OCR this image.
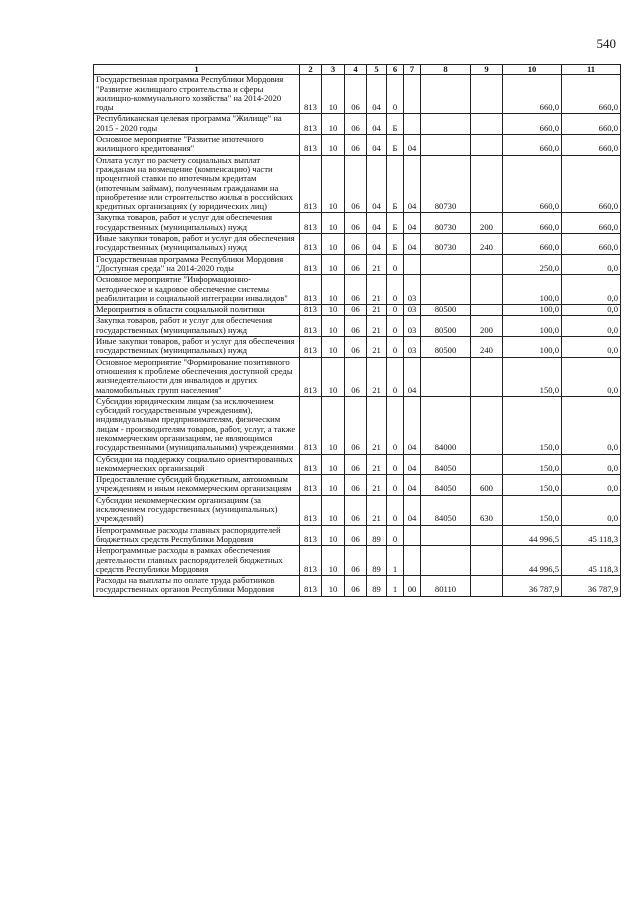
540
1	2	3	4	5	6	7	8	9	10	11
Государственная программа Республики Мордовия "Развитие жилищного строительства и сферы жилищно-коммунального хозяйства" на 2014-2020 годы	813	10	06	04	0				660,0	660,0
Республиканская целевая программа "Жилище" на 2015 - 2020 годы	813	10	06	04	Б				660,0	660,0
Основное мероприятие "Развитие ипотечного жилищного кредитования"	813	10	06	04	Б	04			660,0	660,0
Оплата услуг по расчету социальных выплат гражданам на возмещение (компенсацию) части процентной ставки по ипотечным кредитам (ипотечным займам), полученным гражданами на приобретение или строительство жилья в российских кредитных организациях (у юридических лиц)	813	10	06	04	Б	04	80730		660,0	660,0
Закупка товаров, работ и услуг для обеспечения государственных (муниципальных) нужд	813	10	06	04	Б	04	80730	200	660,0	660,0
Иные закупки товаров, работ и услуг для обеспечения государственных (муниципальных) нужд	813	10	06	04	Б	04	80730	240	660,0	660,0
Государственная программа Республики Мордовия "Доступная среда" на 2014-2020 годы	813	10	06	21	0				250,0	0,0
Основное мероприятие "Информационно-методическое и кадровое обеспечение системы реабилитации и социальной интеграции инвалидов"	813	10	06	21	0	03			100,0	0,0
Мероприятия в области социальной политики	813	10	06	21	0	03	80500		100,0	0,0
Закупка товаров, работ и услуг для обеспечения государственных (муниципальных) нужд	813	10	06	21	0	03	80500	200	100,0	0,0
Иные закупки товаров, работ и услуг для обеспечения государственных (муниципальных) нужд	813	10	06	21	0	03	80500	240	100,0	0,0
Основное мероприятие "Формирование позитивного отношения к проблеме обеспечения доступной среды жизнедеятельности для инвалидов и других маломобильных групп населения"	813	10	06	21	0	04			150,0	0,0
Субсидии юридическим лицам (за исключением субсидий государственным учреждениям), индивидуальным предпринимателям, физическим лицам - производителям товаров, работ, услуг, а также некоммерческим организациям, не являющимся государственными (муниципальными) учреждениями	813	10	06	21	0	04	84000		150,0	0,0
Субсидии на поддержку социально ориентированных некоммерческих организаций	813	10	06	21	0	04	84050		150,0	0,0
Предоставление субсидий бюджетным, автономным учреждениям и иным некоммерческим организациям	813	10	06	21	0	04	84050	600	150,0	0,0
Субсидии некоммерческим организациям (за исключением государственных (муниципальных) учреждений)	813	10	06	21	0	04	84050	630	150,0	0,0
Непрограммные расходы главных распорядителей бюджетных средств Республики Мордовия	813	10	06	89	0				44 996,5	45 118,3
Непрограммные расходы в рамках обеспечения деятельности главных распорядителей бюджетных средств Республики Мордовия	813	10	06	89	1				44 996,5	45 118,3
Расходы на выплаты по оплате труда работников государственных органов Республики Мордовия	813	10	06	89	1	00	80110		36 787,9	36 787,9
